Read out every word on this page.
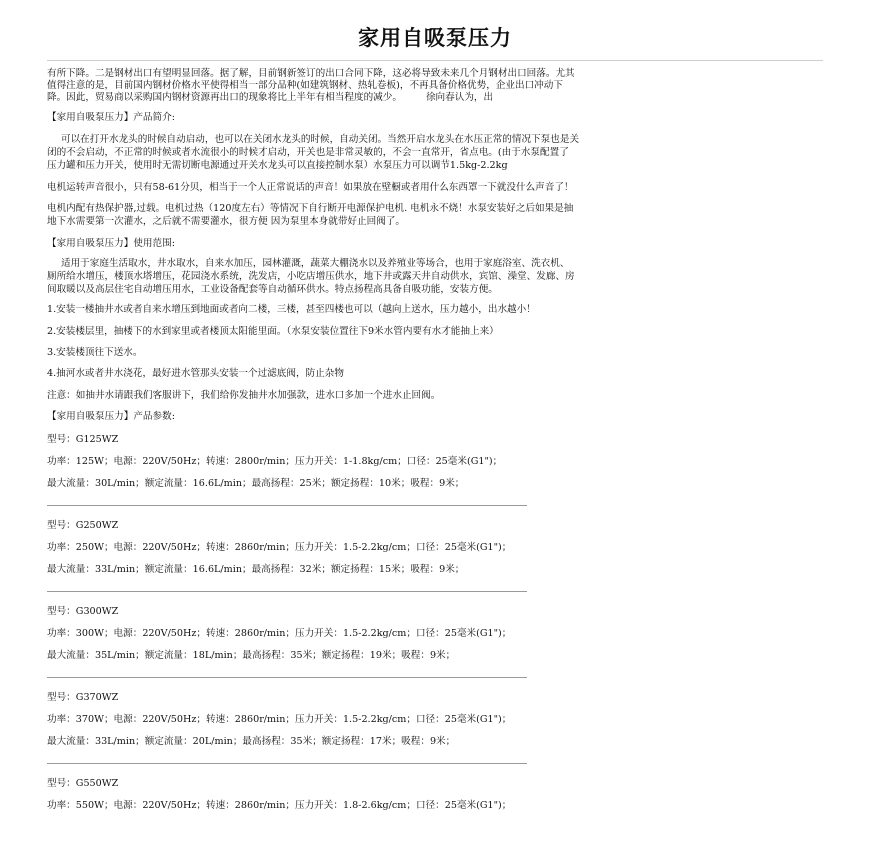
家用自吸泵压力
有所下降。二是钢材出口有望明显回落。据了解，目前钢新签订的出口合同下降，这必将导致未来几个月钢材出口回落。尤其
值得注意的是，目前国内钢材价格水平使得相当一部分品种(如建筑钢材、热轧卷板)，不再具备价格优势，企业出口冲动下
降。因此，贸易商以采购国内钢材资源再出口的现象将比上半年有相当程度的减少。　　　徐向春认为，出
【家用自吸泵压力】产品简介:
可以在打开水龙头的时候自动启动，也可以在关闭水龙头的时候，自动关闭。当然开启水龙头在水压正常的情况下泵也是关
闭的不会启动，不正常的时候或者水流很小的时候才启动，开关也是非常灵敏的，不会一直常开，省点电。(由于水泵配置了
压力罐和压力开关，使用时无需切断电源通过开关水龙头可以直接控制水泵）水泵压力可以调节1.5kg-2.2kg
电机运转声音很小，只有58-61分贝，相当于一个人正常说话的声音！如果放在壁橱或者用什么东西罩一下就没什么声音了！
电机内配有热保护器,过载。电机过热（120度左右）等情况下自行断开电源保护电机. 电机永不烧！水泵安装好之后如果是抽
地下水需要第一次灌水，之后就不需要灌水，很方便 因为泵里本身就带好止回阀了。
【家用自吸泵压力】使用范围:
适用于家庭生活取水，井水取水，自来水加压，园林灌溉，蔬菜大棚浇水以及养殖业等场合，也用于家庭浴室、洗衣机、
厕所给水增压，楼顶水塔增压，花园浇水系统，洗发店，小吃店增压供水，地下井或露天井自动供水，宾馆、澡堂、发廊、房
间取暖以及高层住宅自动增压用水，工业设备配套等自动循环供水。特点扬程高具备自吸功能，安装方便。
1.安装一楼抽井水或者自来水增压到地面或者向二楼，三楼，甚至四楼也可以（越向上送水，压力越小，出水越小！
2.安装楼层里，抽楼下的水到家里或者楼顶太阳能里面。（水泵安装位置往下9米水管内要有水才能抽上来）
3.安装楼顶往下送水。
4.抽河水或者井水浇花，最好进水管那头安装一个过滤底阀，防止杂物
注意：如抽井水请跟我们客服讲下，我们给你发抽井水加强款，进水口多加一个进水止回阀。
【家用自吸泵压力】产品参数:
型号：G125WZ
功率：125W；电源：220V/50Hz；转速：2800r/min；压力开关：1-1.8kg/cm；口径：25毫米(G1")；
最大流量：30L/min；额定流量：16.6L/min；最高扬程：25米；额定扬程：10米；吸程：9米；
型号：G250WZ
功率：250W；电源：220V/50Hz；转速：2860r/min；压力开关：1.5-2.2kg/cm；口径：25毫米(G1")；
最大流量：33L/min；额定流量：16.6L/min；最高扬程：32米；额定扬程：15米；吸程：9米；
型号：G300WZ
功率：300W；电源：220V/50Hz；转速：2860r/min；压力开关：1.5-2.2kg/cm；口径：25毫米(G1")；
最大流量：35L/min；额定流量：18L/min；最高扬程：35米；额定扬程：19米；吸程：9米；
型号：G370WZ
功率：370W；电源：220V/50Hz；转速：2860r/min；压力开关：1.5-2.2kg/cm；口径：25毫米(G1")；
最大流量：33L/min；额定流量：20L/min；最高扬程：35米；额定扬程：17米；吸程：9米；
型号：G550WZ
功率：550W；电源：220V/50Hz；转速：2860r/min；压力开关：1.8-2.6kg/cm；口径：25毫米(G1")；
